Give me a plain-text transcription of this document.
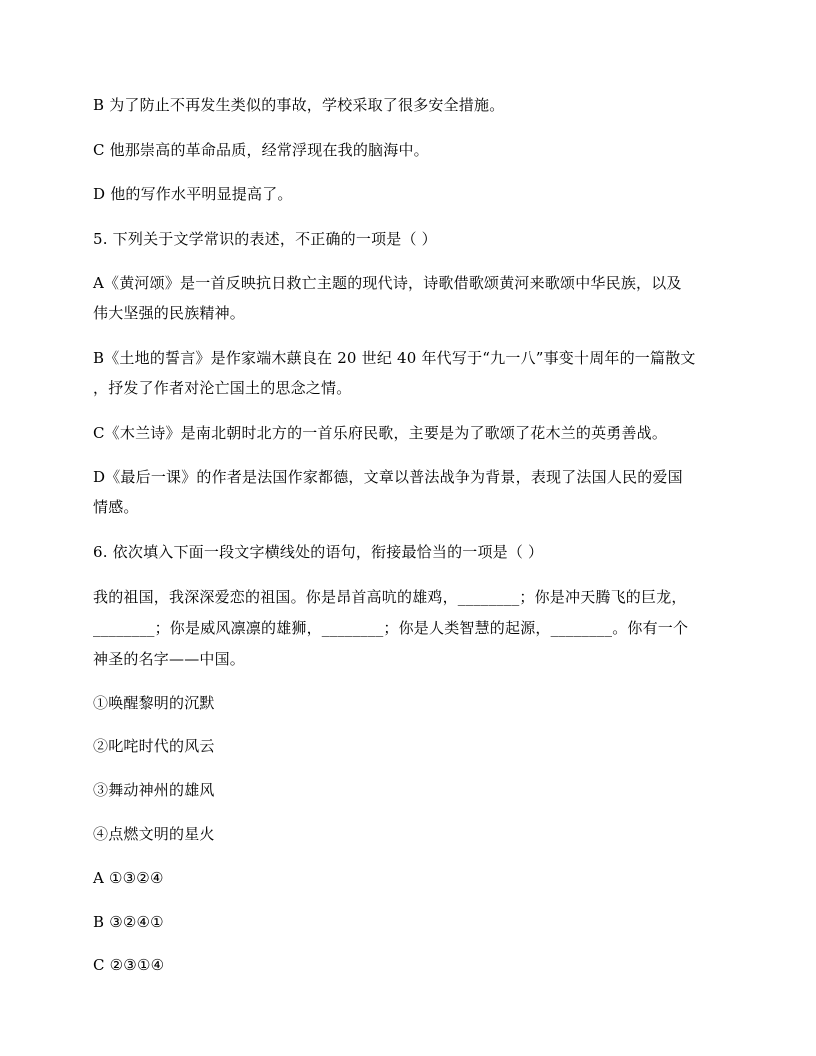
B 为了防止不再发生类似的事故，学校采取了很多安全措施。
C 他那崇高的革命品质，经常浮现在我的脑海中。
D 他的写作水平明显提高了。
5. 下列关于文学常识的表述，不正确的一项是（ ）
A《黄河颂》是一首反映抗日救亡主题的现代诗，诗歌借歌颂黄河来歌颂中华民族，以及
伟大坚强的民族精神。
B《土地的誓言》是作家端木蕻良在 20 世纪 40 年代写于“九一八”事变十周年的一篇散文
，抒发了作者对沦亡国土的思念之情。
C《木兰诗》是南北朝时北方的一首乐府民歌，主要是为了歌颂了花木兰的英勇善战。
D《最后一课》的作者是法国作家都德，文章以普法战争为背景，表现了法国人民的爱国
情感。
6. 依次填入下面一段文字横线处的语句，衔接最恰当的一项是（ ）
我的祖国，我深深爱恋的祖国。你是昂首高吭的雄鸡，________；你是冲天腾飞的巨龙，
________；你是威风凛凛的雄狮，________；你是人类智慧的起源，________。你有一个
神圣的名字——中国。
①唤醒黎明的沉默
②叱咤时代的风云
③舞动神州的雄风
④点燃文明的星火
A ①③②④
B ③②④①
C ②③①④
